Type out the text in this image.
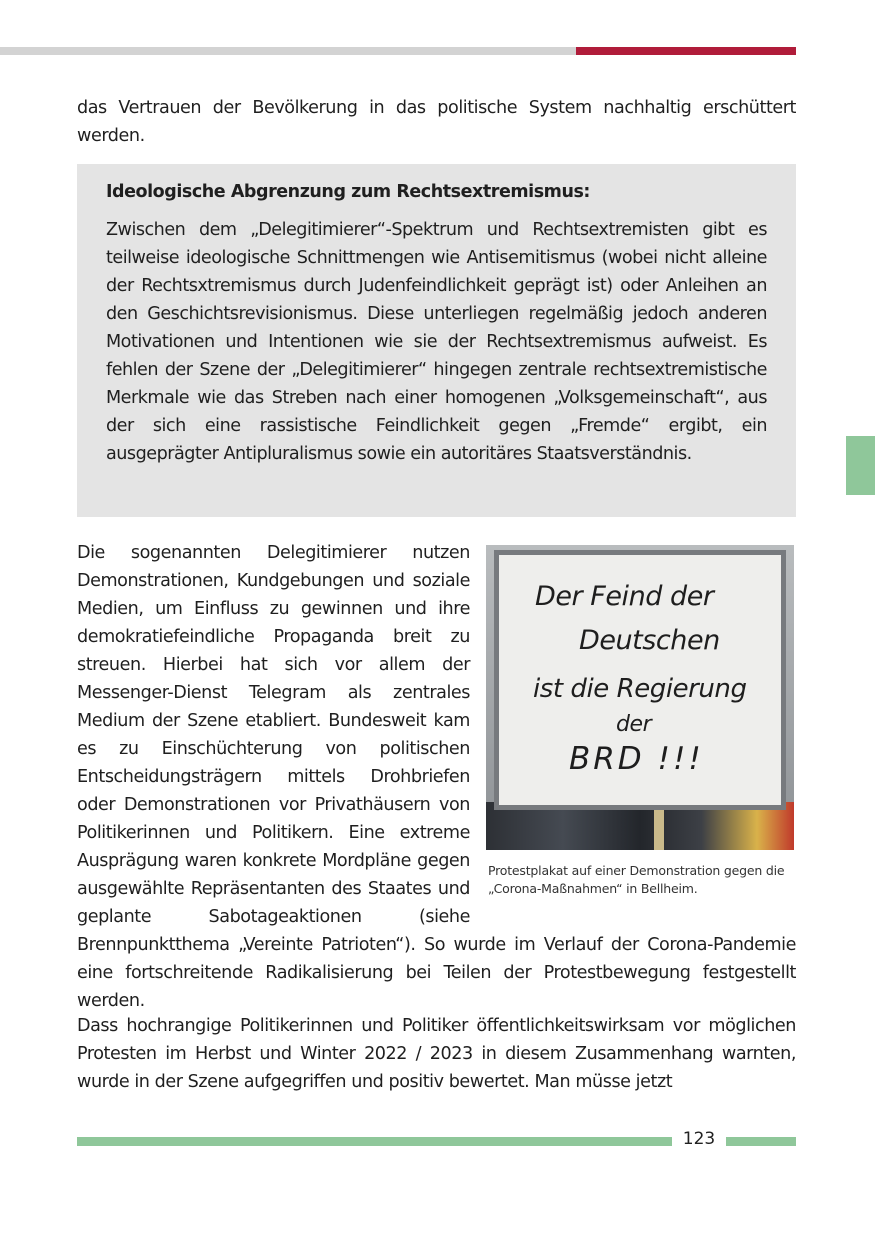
das Vertrauen der Bevölkerung in das politische System nachhaltig erschüttert werden.

Ideologische Abgrenzung zum Rechtsextremismus:

Zwischen dem „Delegitimierer“-Spektrum und Rechtsextremisten gibt es teilweise ideologische Schnittmengen wie Antisemitismus (wobei nicht alleine der Rechtsxtremismus durch Judenfeindlichkeit geprägt ist) oder Anleihen an den Geschichtsrevisionismus. Diese unterliegen regelmäßig jedoch anderen Motivationen und Intentionen wie sie der Rechtsextremismus aufweist. Es fehlen der Szene der „Delegitimierer“ hingegen zentrale rechtsextremistische Merkmale wie das Streben nach einer homogenen „Volksgemeinschaft“, aus der sich eine rassistische Feindlichkeit gegen „Fremde“ ergibt, ein ausgeprägter Antipluralismus sowie ein autoritäres Staatsverständnis.

Der Feind der
Deutschen
ist die Regierung
der
BRD !!!
Protestplakat auf einer Demonstration gegen die „Corona-Maßnahmen“ in Bellheim.
Die sogenannten Delegitimierer nutzen Demonstrationen, Kundgebungen und soziale Medien, um Einfluss zu gewinnen und ihre demokratiefeindliche Propaganda breit zu streuen. Hierbei hat sich vor allem der Messenger-Dienst Telegram als zentrales Medium der Szene etabliert. Bundesweit kam es zu Einschüchterung von politischen Entscheidungsträgern mittels Drohbriefen oder Demonstrationen vor Privathäusern von Politikerinnen und Politikern. Eine extreme Ausprägung waren konkrete Mordpläne gegen ausgewählte Repräsentanten des Staates und geplante Sabotageaktionen (siehe Brennpunktthema „Vereinte Patrioten“). So wurde im Verlauf der Corona-Pandemie eine fortschreitende Radikalisierung bei Teilen der Protestbewegung festgestellt werden.

Dass hochrangige Politikerinnen und Politiker öffentlichkeitswirksam vor möglichen Protesten im Herbst und Winter 2022 / 2023 in diesem Zusammenhang warnten, wurde in der Szene aufgegriffen und positiv bewertet. Man müsse jetzt

123
